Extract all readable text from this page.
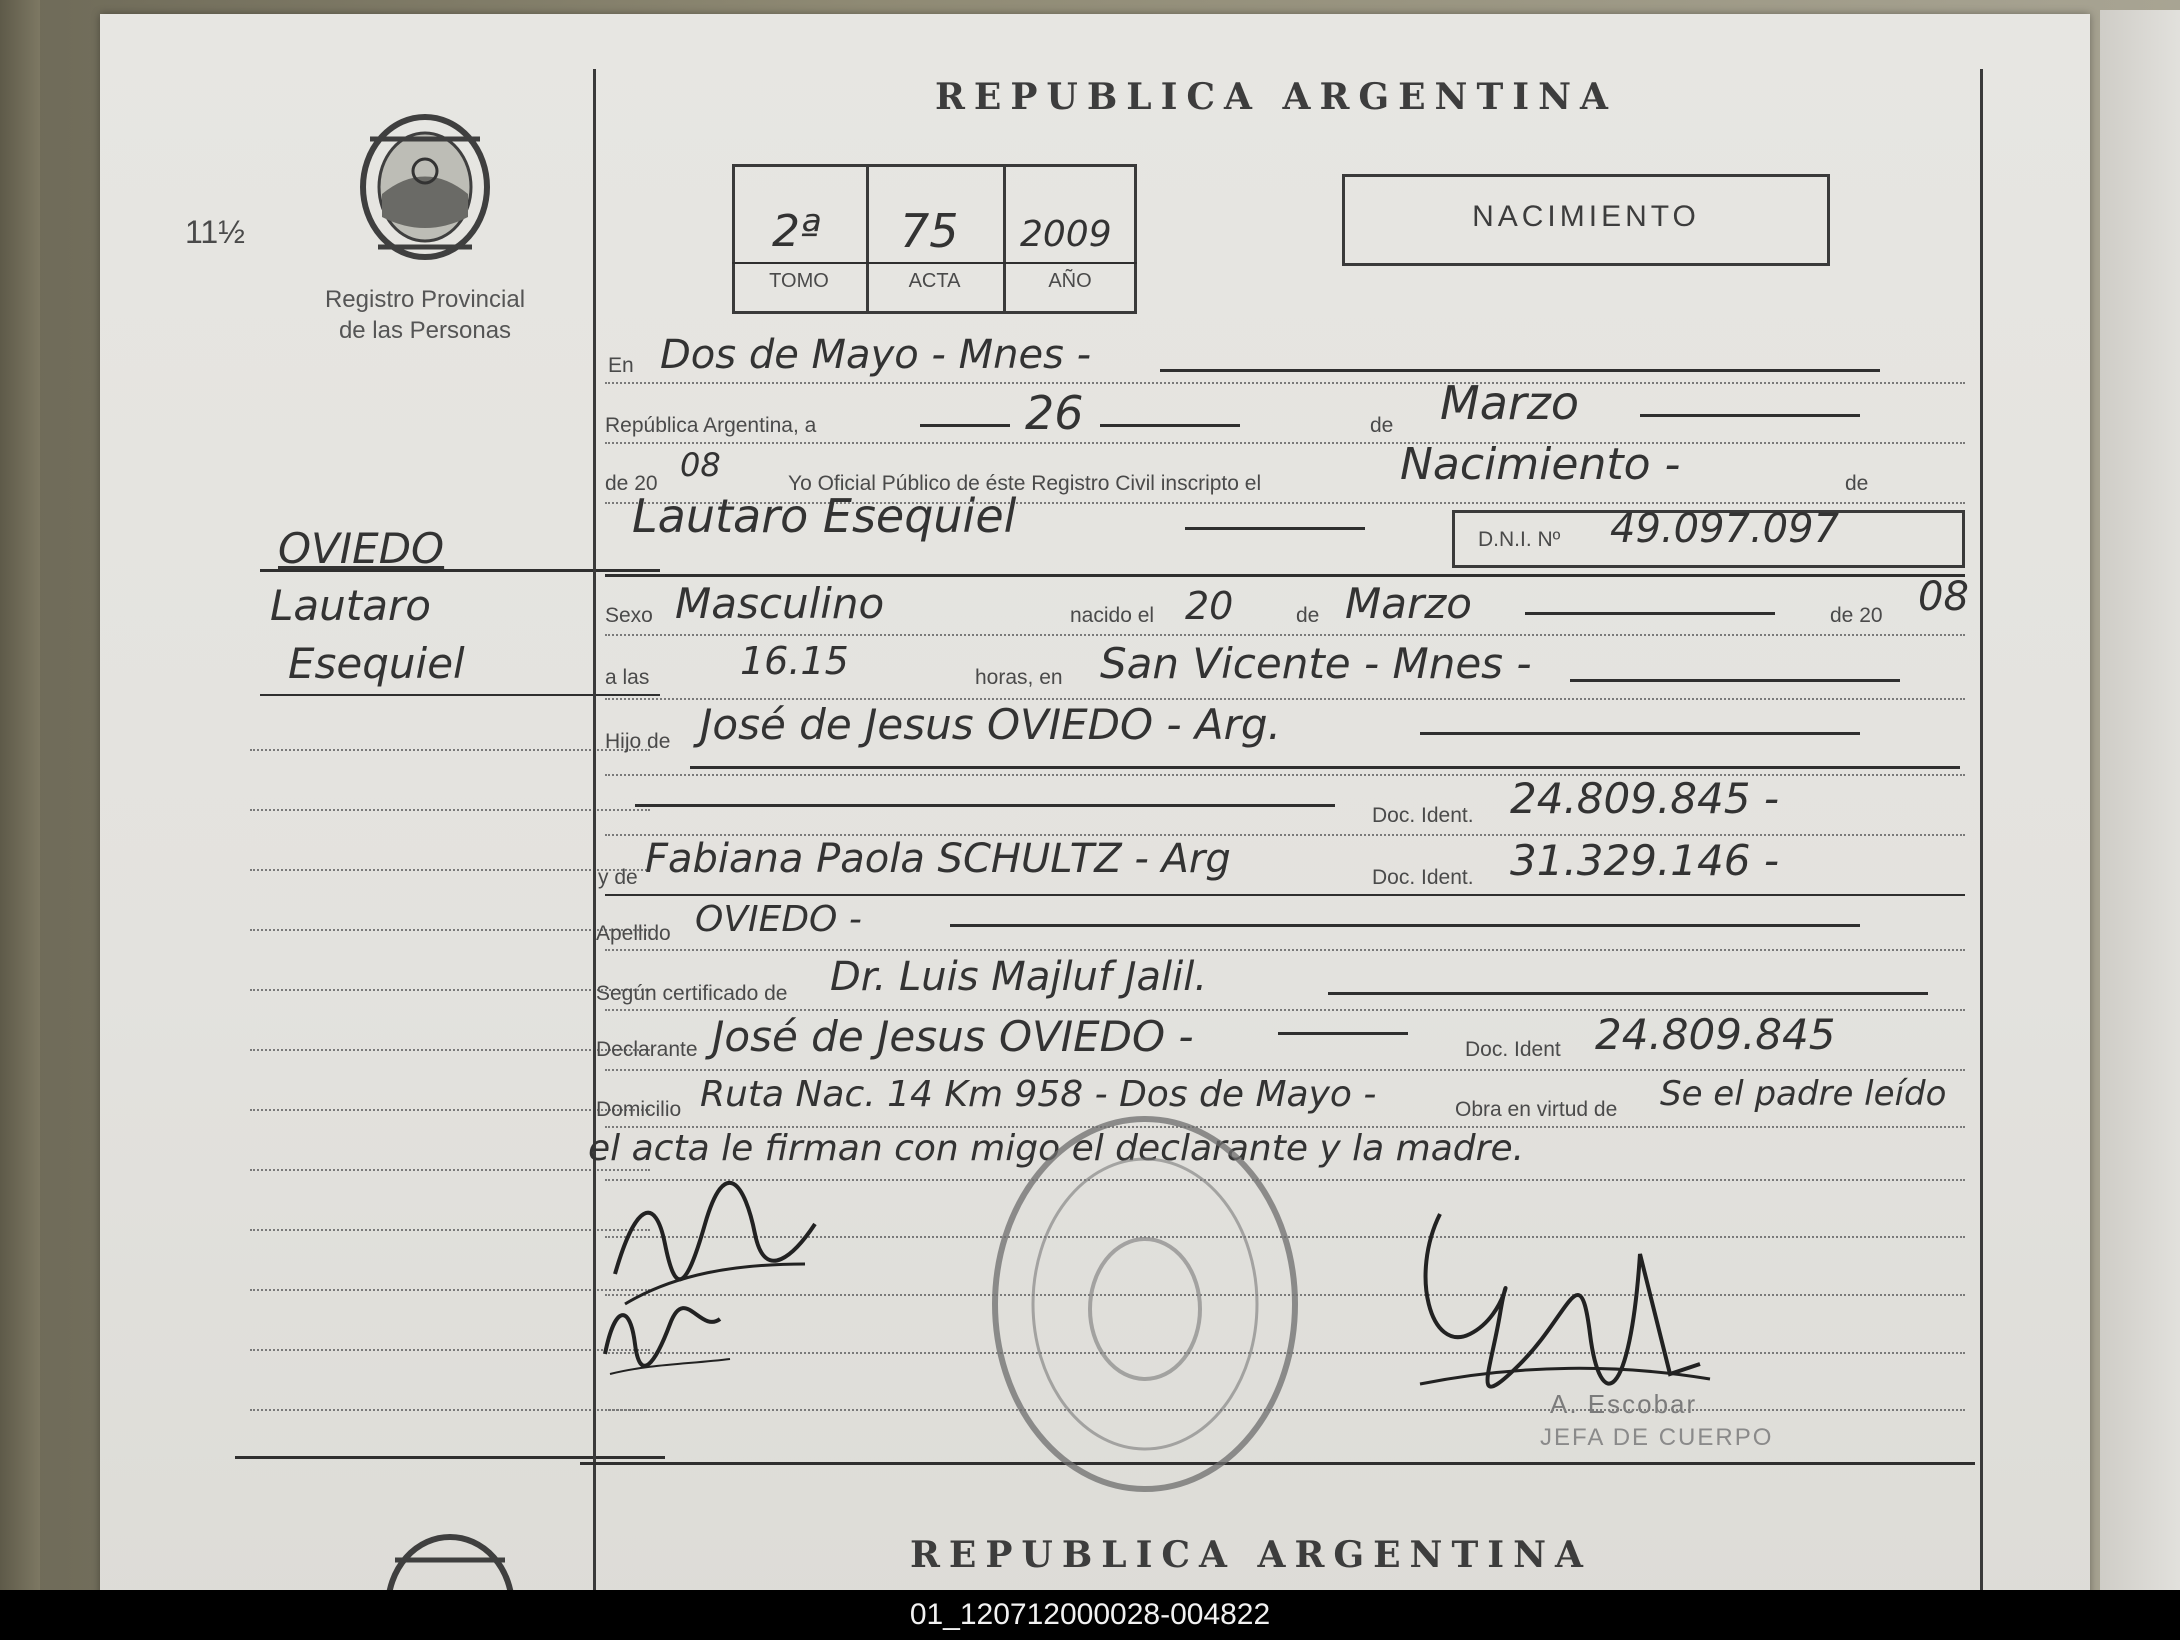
11½
Registro Provincial
de las Personas
OVIEDO
Lautaro
Esequiel
REPUBLICA ARGENTINA
2ª 75 2009
TOMO	ACTA	AÑO
NACIMIENTO
En Dos de Mayo - Mnes -
República Argentina, a	26	de Marzo
de 20 08	Yo Oficial Público de éste Registro Civil inscripto el	Nacimiento -	de
Lautaro Esequiel	D.N.I. Nº 49.097.097
Sexo Masculino	nacido el 20	de Marzo	de 20 08
a las 16.15	horas, en San Vicente - Mnes -
Hijo de José de Jesus OVIEDO - Arg.
Doc. Ident. 24.809.845 -
y de Fabiana Paola SCHULTZ - Arg	Doc. Ident. 31.329.146 -
Apellido OVIEDO -
Según certificado de Dr. Luis Majluf Jalil.
Declarante José de Jesus OVIEDO -	Doc. Ident 24.809.845
Domicilio Ruta Nac. 14 Km 958 - Dos de Mayo -	Obra en virtud de Se el padre leído
el acta le firman con migo el declarante y la madre.
A. Escobar
JEFA DE CUERPO
REPUBLICA ARGENTINA
01_120712000028-004822
